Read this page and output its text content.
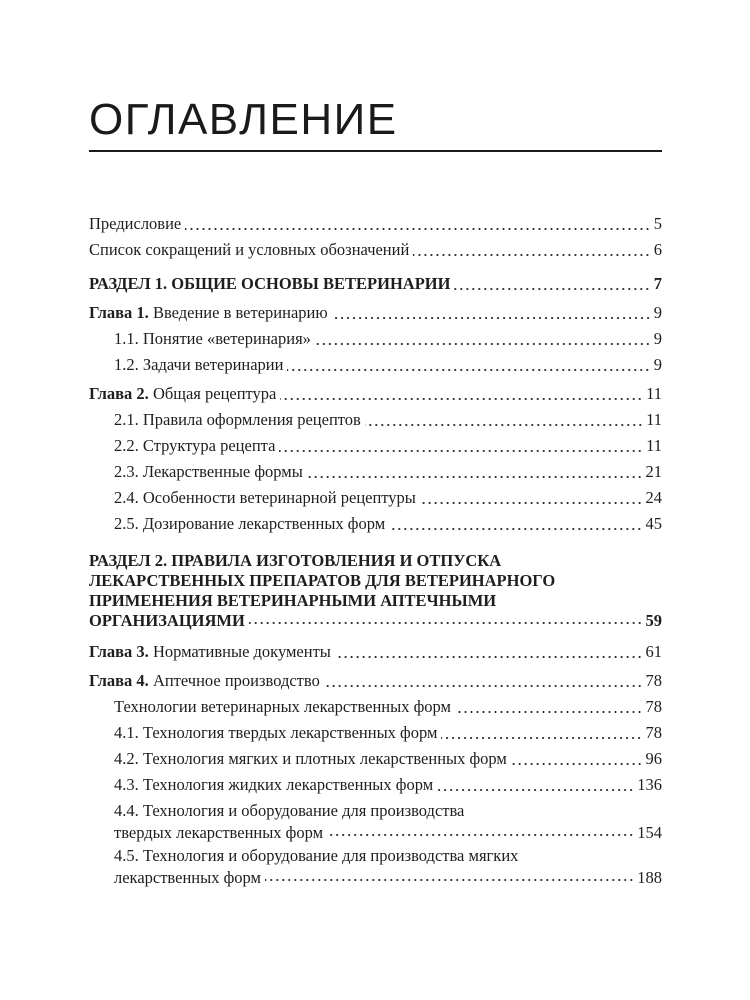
ОГЛАВЛЕНИЕ
Предисловие	5
Список сокращений и условных обозначений	6
РАЗДЕЛ 1. ОБЩИЕ ОСНОВЫ ВЕТЕРИНАРИИ	7
Глава 1. Введение в ветеринарию	9
1.1. Понятие «ветеринария»	9
1.2. Задачи ветеринарии	9
Глава 2. Общая рецептура	11
2.1. Правила оформления рецептов	11
2.2. Структура рецепта	11
2.3. Лекарственные формы	21
2.4. Особенности ветеринарной рецептуры	24
2.5. Дозирование лекарственных форм	45
РАЗДЕЛ 2. ПРАВИЛА ИЗГОТОВЛЕНИЯ И ОТПУСКА
ЛЕКАРСТВЕННЫХ ПРЕПАРАТОВ ДЛЯ ВЕТЕРИНАРНОГО
ПРИМЕНЕНИЯ ВЕТЕРИНАРНЫМИ АПТЕЧНЫМИ
ОРГАНИЗАЦИЯМИ	59
Глава 3. Нормативные документы	61
Глава 4. Аптечное производство	78
Технологии ветеринарных лекарственных форм	78
4.1. Технология твердых лекарственных форм	78
4.2. Технология мягких и плотных лекарственных форм	96
4.3. Технология жидких лекарственных форм	136
4.4. Технология и оборудование для производства
твердых лекарственных форм	154
4.5. Технология и оборудование для производства мягких
лекарственных форм	188
